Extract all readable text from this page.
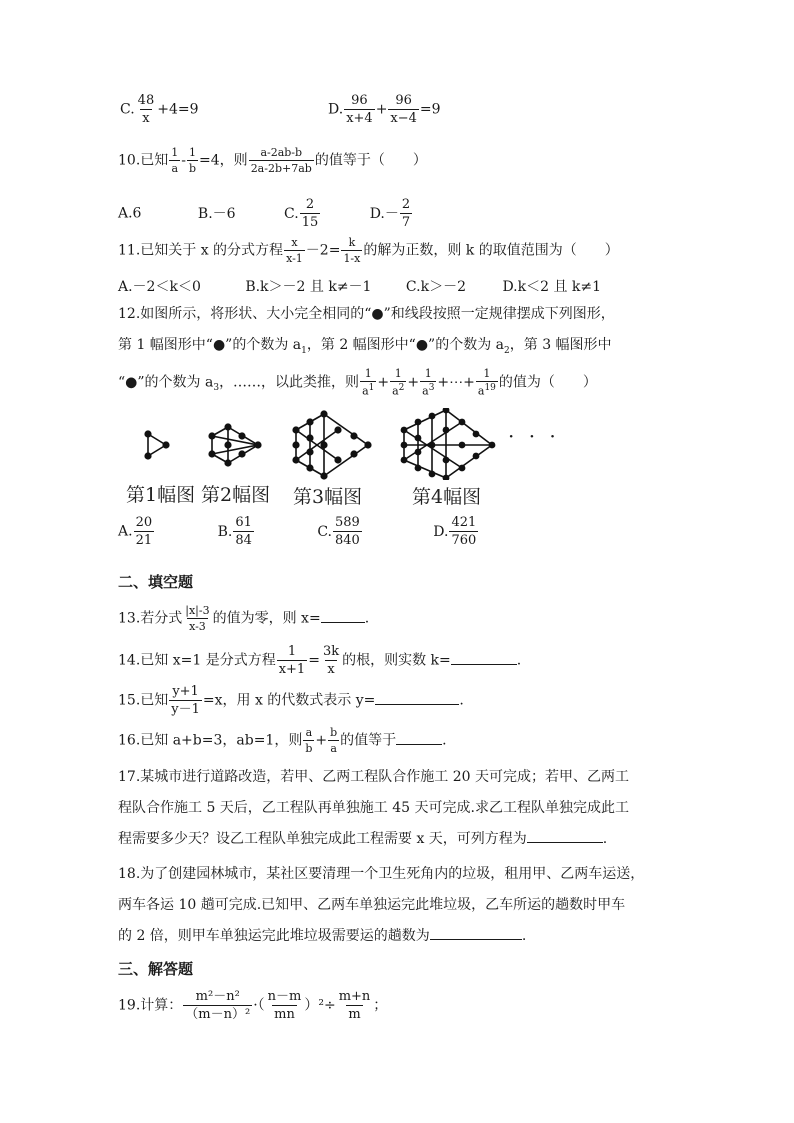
C. $\frac{48}{x} +4=9$	D. $\frac{96}{x+4} + \frac{96}{x-4} =9$
10.已知 $\frac{1}{a} - \frac{1}{b} =4$，则 $\frac{a-2ab-b}{2a-2b+7ab}$ 的值等于（　　）
A.6	B.－6	C. $\frac{2}{15}$	$D.- \frac{2}{7}$
11.已知关于 x 的分式方程 $\frac{x}{x-1} -2= \frac{k}{1-x}$ 的解为正数，则 k 的取值范围为（　　）
A.－2＜k＜0	B.k＞－2 且 k≠－1 C.k＞－2	D.k＜2 且 k≠1
12.如图所示，将形状、大小完全相同的“●”和线段按照一定规律摆成下列图形，
第 1 幅图形中“●”的个数为 $a_1$，第 2 幅图形中“●”的个数为 $a_2$，第 3 幅图形中
“●”的个数为 $a_3$，……，以此类推，则 $\frac{1}{a^1} + \frac{1}{a^2} + \frac{1}{a^3}$ +⋯+ $\frac{1}{a^{19}}$ 的值为（　　）
· · ·
第1幅图 第2幅图 第3幅图	第4幅图
A. $\frac{20}{21}$	B. $\frac{61}{84}$	C. $\frac{589}{840}$	D. $\frac{421}{760}$
二、填空题
13.若分式 $\frac{|x|-3}{x-3}$ 的值为零，则 x=	.
14.已知 x=1 是分式方程 $\frac{1}{x+1} = \frac{3k}{x}$ 的根，则实数 k=	.
15.已知 $\frac{y+1}{y-1} =x$，用 x 的代数式表示 y=	.
16.已知 a+b=3，ab=1，则 $\frac{a}{b} + \frac{b}{a}$ 的值等于	.
17.某城市进行道路改造，若甲、乙两工程队合作施工 20 天可完成；若甲、乙两工
程队合作施工 5 天后，乙工程队再单独施工 45 天可完成.求乙工程队单独完成此工
程需要多少天？设乙工程队单独完成此工程需要 x 天，可列方程为	.
18.为了创建园林城市，某社区要清理一个卫生死角内的垃圾，租用甲、乙两车运送，
两车各运 10 趟可完成.已知甲、乙两车单独运完此堆垃圾，乙车所运的趟数时甲车
的 2 倍，则甲车单独运完此堆垃圾需要运的趟数为	.
三、解答题
19.计算： $\frac{\text{m²－n²}}{\text{（m－n）²}}$ ·（ $\frac{n-m}{mn} )^2\div \frac{m+n}{m}$ ；
